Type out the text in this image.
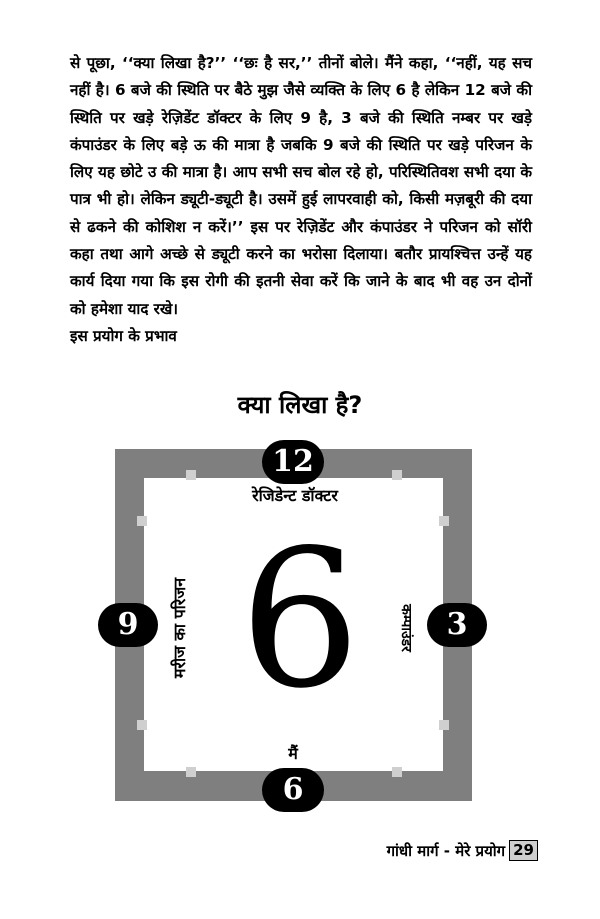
से पूछा, ‘‘क्या लिखा है?’’ ‘‘छः है सर,’’ तीनों बोले। मैंने कहा, ‘‘नहीं, यह सच नहीं है। 6 बजे की स्थिति पर बैठे मुझ जैसे व्यक्ति के लिए 6 है लेकिन 12 बजे की स्थिति पर खड़े रेज़िडेंट डॉक्टर के लिए 9 है, 3 बजे की स्थिति नम्बर पर खड़े कंपाउंडर के लिए बड़े ऊ की मात्रा है जबकि 9 बजे की स्थिति पर खड़े परिजन के लिए यह छोटे उ की मात्रा है। आप सभी सच बोल रहे हो, परिस्थितिवश सभी दया के पात्र भी हो। लेकिन ड्यूटी-ड्यूटी है। उसमें हुई लापरवाही को, किसी मज़बूरी की दया से ढकने की कोशिश न करें।’’ इस पर रेज़िडेंट और कंपाउंडर ने परिजन को सॉरी कहा तथा आगे अच्छे से ड्यूटी करने का भरोसा दिलाया। बतौर प्रायश्चित्त उन्हें यह कार्य दिया गया कि इस रोगी की इतनी सेवा करें कि जाने के बाद भी वह उन दोनों को हमेशा याद रखे।

इस प्रयोग के प्रभाव

क्या लिखा है?
रेजिडेन्ट डॉक्टर
6
मरीज का परिजन	कम्पाउंडर
मैं
12
6
9	3
गांधी मार्ग - मेरे प्रयोग 29
